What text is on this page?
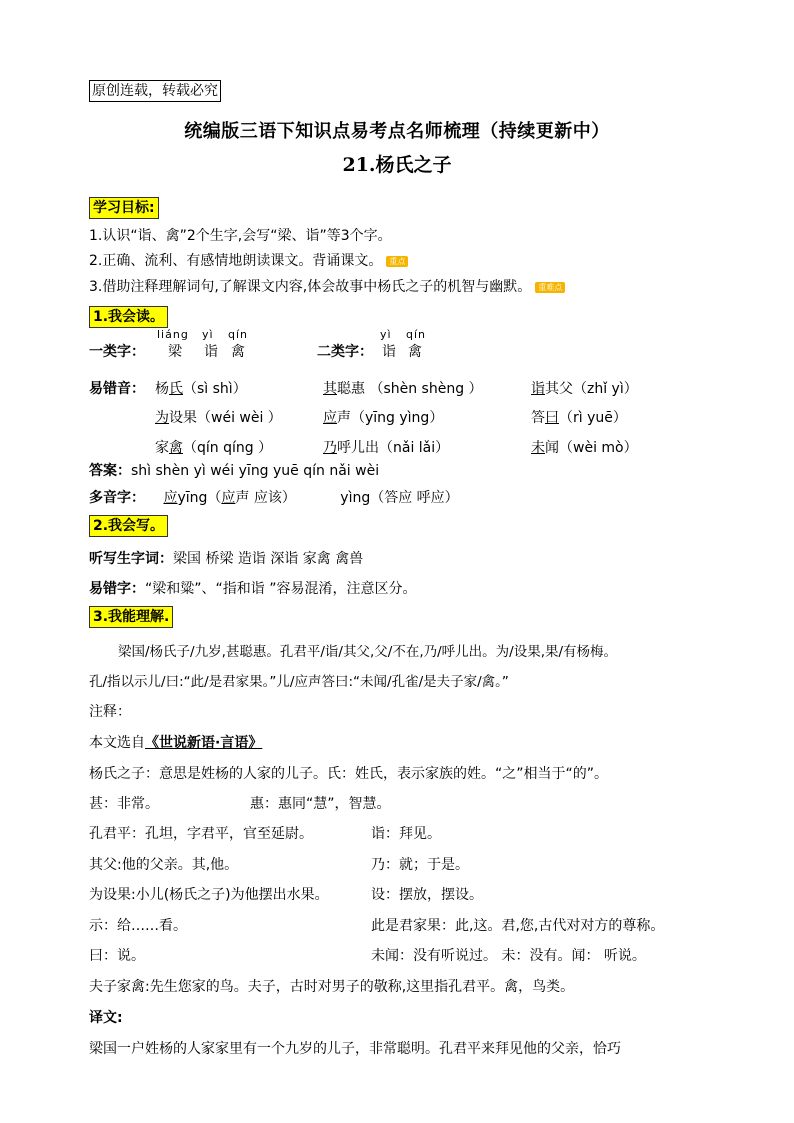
原创连载，转载必究
统编版三语下知识点易考点名师梳理（持续更新中）
21.杨氏之子
学习目标:
1.认识“诣、禽”2个生字,会写“梁、诣”等3个字。
2.正确、流利、有感情地朗读课文。背诵课文。 重点
3.借助注释理解词句,了解课文内容,体会故事中杨氏之子的机智与幽默。 重难点
1.我会读。
liáng yì qín	yì qín
一类字： 梁 诣 禽	二类字： 诣 禽
易错音： 杨氏（sì shì）	其聪惠 （shèn shèng ）	诣其父（zhǐ yì）
为设果（wéi wèi ）	应声（yīng yìng）	答曰（rì yuē）
家禽（qín qíng ）	乃呼儿出（nǎi lǎi）	未闻（wèi mò）
答案：shì shèn yì wéi yīng yuē qín nǎi wèi
多音字： 应yīng（应声 应该）	yìng（答应 呼应）
2.我会写。
听写生字词：梁国 桥梁 造诣 深诣 家禽 禽兽
易错字：“梁和粱”、“指和诣 ”容易混淆，注意区分。
3.我能理解.
梁国/杨氏子/九岁,甚聪惠。孔君平/诣/其父,父/不在,乃/呼儿出。为/设果,果/有杨梅。
孔/指以示儿/曰:“此/是君家果。”儿/应声答曰:“未闻/孔雀/是夫子家/禽。”
注释：
本文选自《世说新语·言语》
杨氏之子：意思是姓杨的人家的儿子。氏：姓氏，表示家族的姓。“之”相当于“的”。
甚：非常。	惠：惠同“慧”，智慧。
孔君平：孔坦，字君平，官至延尉。	诣：拜见。
其父:他的父亲。其,他。	乃：就；于是。
为设果:小儿(杨氏之子)为他摆出水果。	设：摆放，摆设。
示：给……看。	此是君家果：此,这。君,您,古代对对方的尊称。
曰：说。	未闻：没有听说过。 未：没有。闻： 听说。
夫子家禽:先生您家的鸟。夫子，古时对男子的敬称,这里指孔君平。禽，鸟类。
译文:
梁国一户姓杨的人家家里有一个九岁的儿子，非常聪明。孔君平来拜见他的父亲，恰巧
